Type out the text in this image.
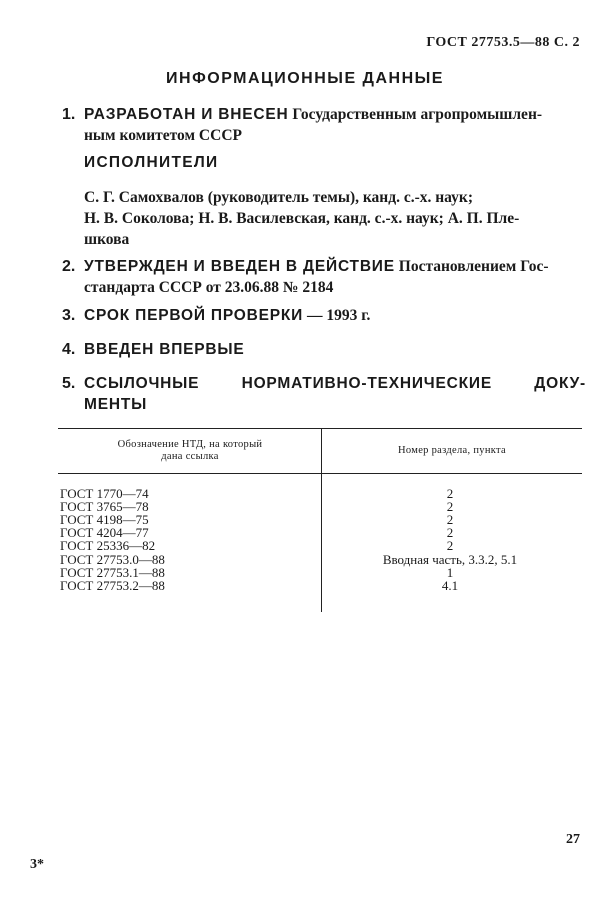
ГОСТ 27753.5—88 С. 2
ИНФОРМАЦИОННЫЕ ДАННЫЕ
1. РАЗРАБОТАН И ВНЕСЕН Государственным агропромышлен-
ным комитетом СССР
ИСПОЛНИТЕЛИ
С. Г. Самохвалов (руководитель темы), канд. с.-х. наук;
Н. В. Соколова; Н. В. Василевская, канд. с.-х. наук; А. П. Пле-
шкова
2. УТВЕРЖДЕН И ВВЕДЕН В ДЕЙСТВИЕ Постановлением Гос-
стандарта СССР от 23.06.88 № 2184
3. СРОК ПЕРВОЙ ПРОВЕРКИ — 1993 г.
4. ВВЕДЕН ВПЕРВЫЕ
5. ССЫЛОЧНЫЕ НОРМАТИВНО-ТЕХНИЧЕСКИЕ ДОКУ-
МЕНТЫ
Обозначение НТД, на который
дана ссылка
Номер раздела, пункта
ГОСТ 1770—74	2
ГОСТ 3765—78	2
ГОСТ 4198—75	2
ГОСТ 4204—77	2
ГОСТ 25336—82	2
ГОСТ 27753.0—88	Вводная часть, 3.3.2, 5.1
ГОСТ 27753.1—88	1
ГОСТ 27753.2—88	4.1
27
3*
